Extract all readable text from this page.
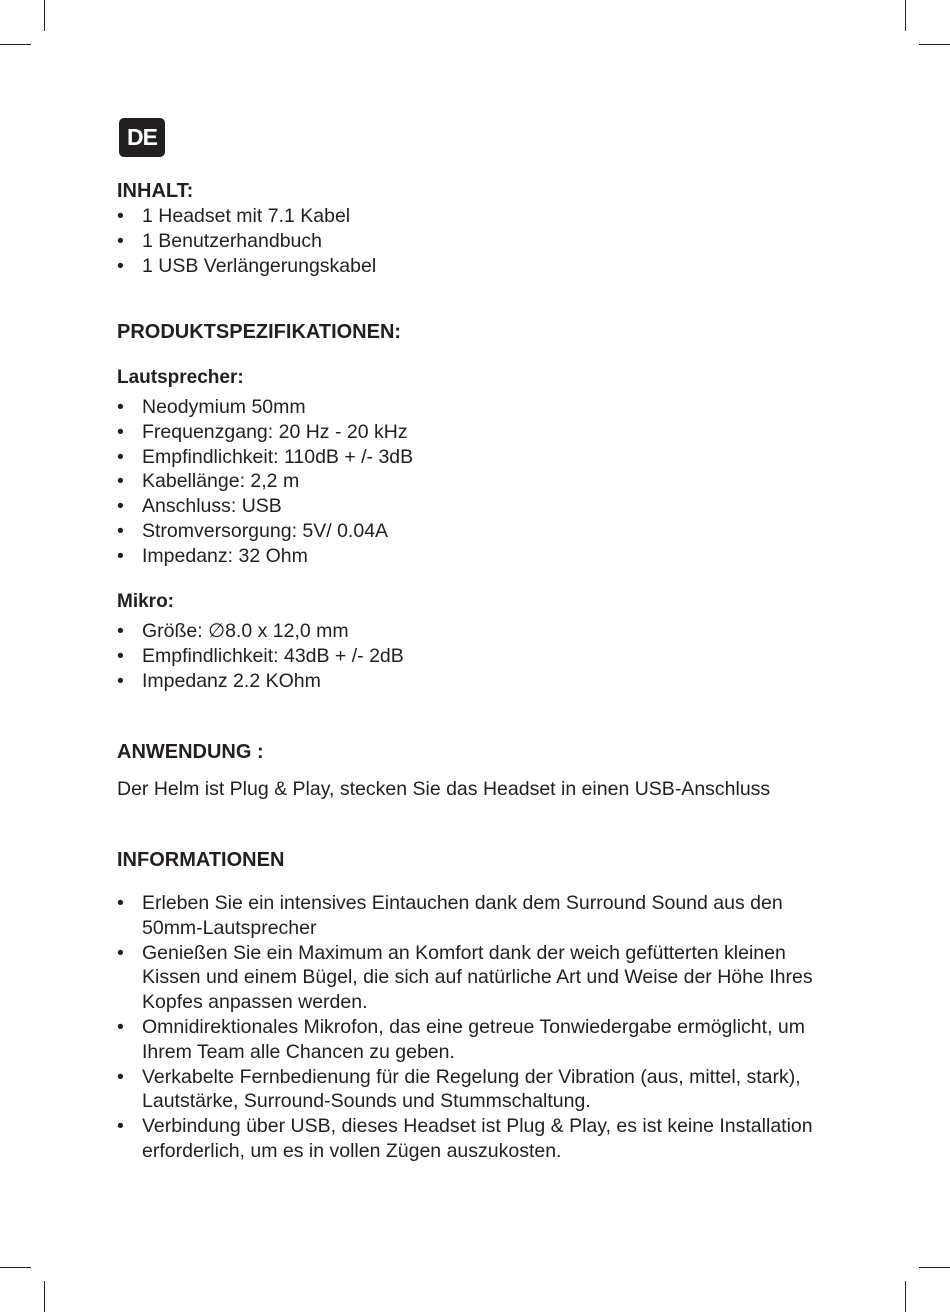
DE
INHALT:
• 1 Headset mit 7.1 Kabel
• 1 Benutzerhandbuch
• 1 USB Verlängerungskabel
PRODUKTSPEZIFIKATIONEN:
Lautsprecher:
• Neodymium 50mm
• Frequenzgang: 20 Hz - 20 kHz
• Empfindlichkeit: 110dB + /- 3dB
• Kabellänge: 2,2 m
• Anschluss: USB
• Stromversorgung: 5V/ 0.04A
• Impedanz: 32 Ohm
Mikro:
• Größe: ∅8.0 x 12,0 mm
• Empfindlichkeit: 43dB + /- 2dB
• Impedanz 2.2 KOhm
ANWENDUNG :
Der Helm ist Plug & Play, stecken Sie das Headset in einen USB-Anschluss
INFORMATIONEN
• Erleben Sie ein intensives Eintauchen dank dem Surround Sound aus den 50mm-Lautsprecher
• Genießen Sie ein Maximum an Komfort dank der weich gefütterten kleinen Kissen und einem Bügel, die sich auf natürliche Art und Weise der Höhe Ihres Kopfes anpassen werden.
• Omnidirektionales Mikrofon, das eine getreue Tonwiedergabe ermöglicht, um Ihrem Team alle Chancen zu geben.
• Verkabelte Fernbedienung für die Regelung der Vibration (aus, mittel, stark), Lautstärke, Surround-Sounds und Stummschaltung.
• Verbindung über USB, dieses Headset ist Plug & Play, es ist keine Installation erforderlich, um es in vollen Zügen auszukosten.
